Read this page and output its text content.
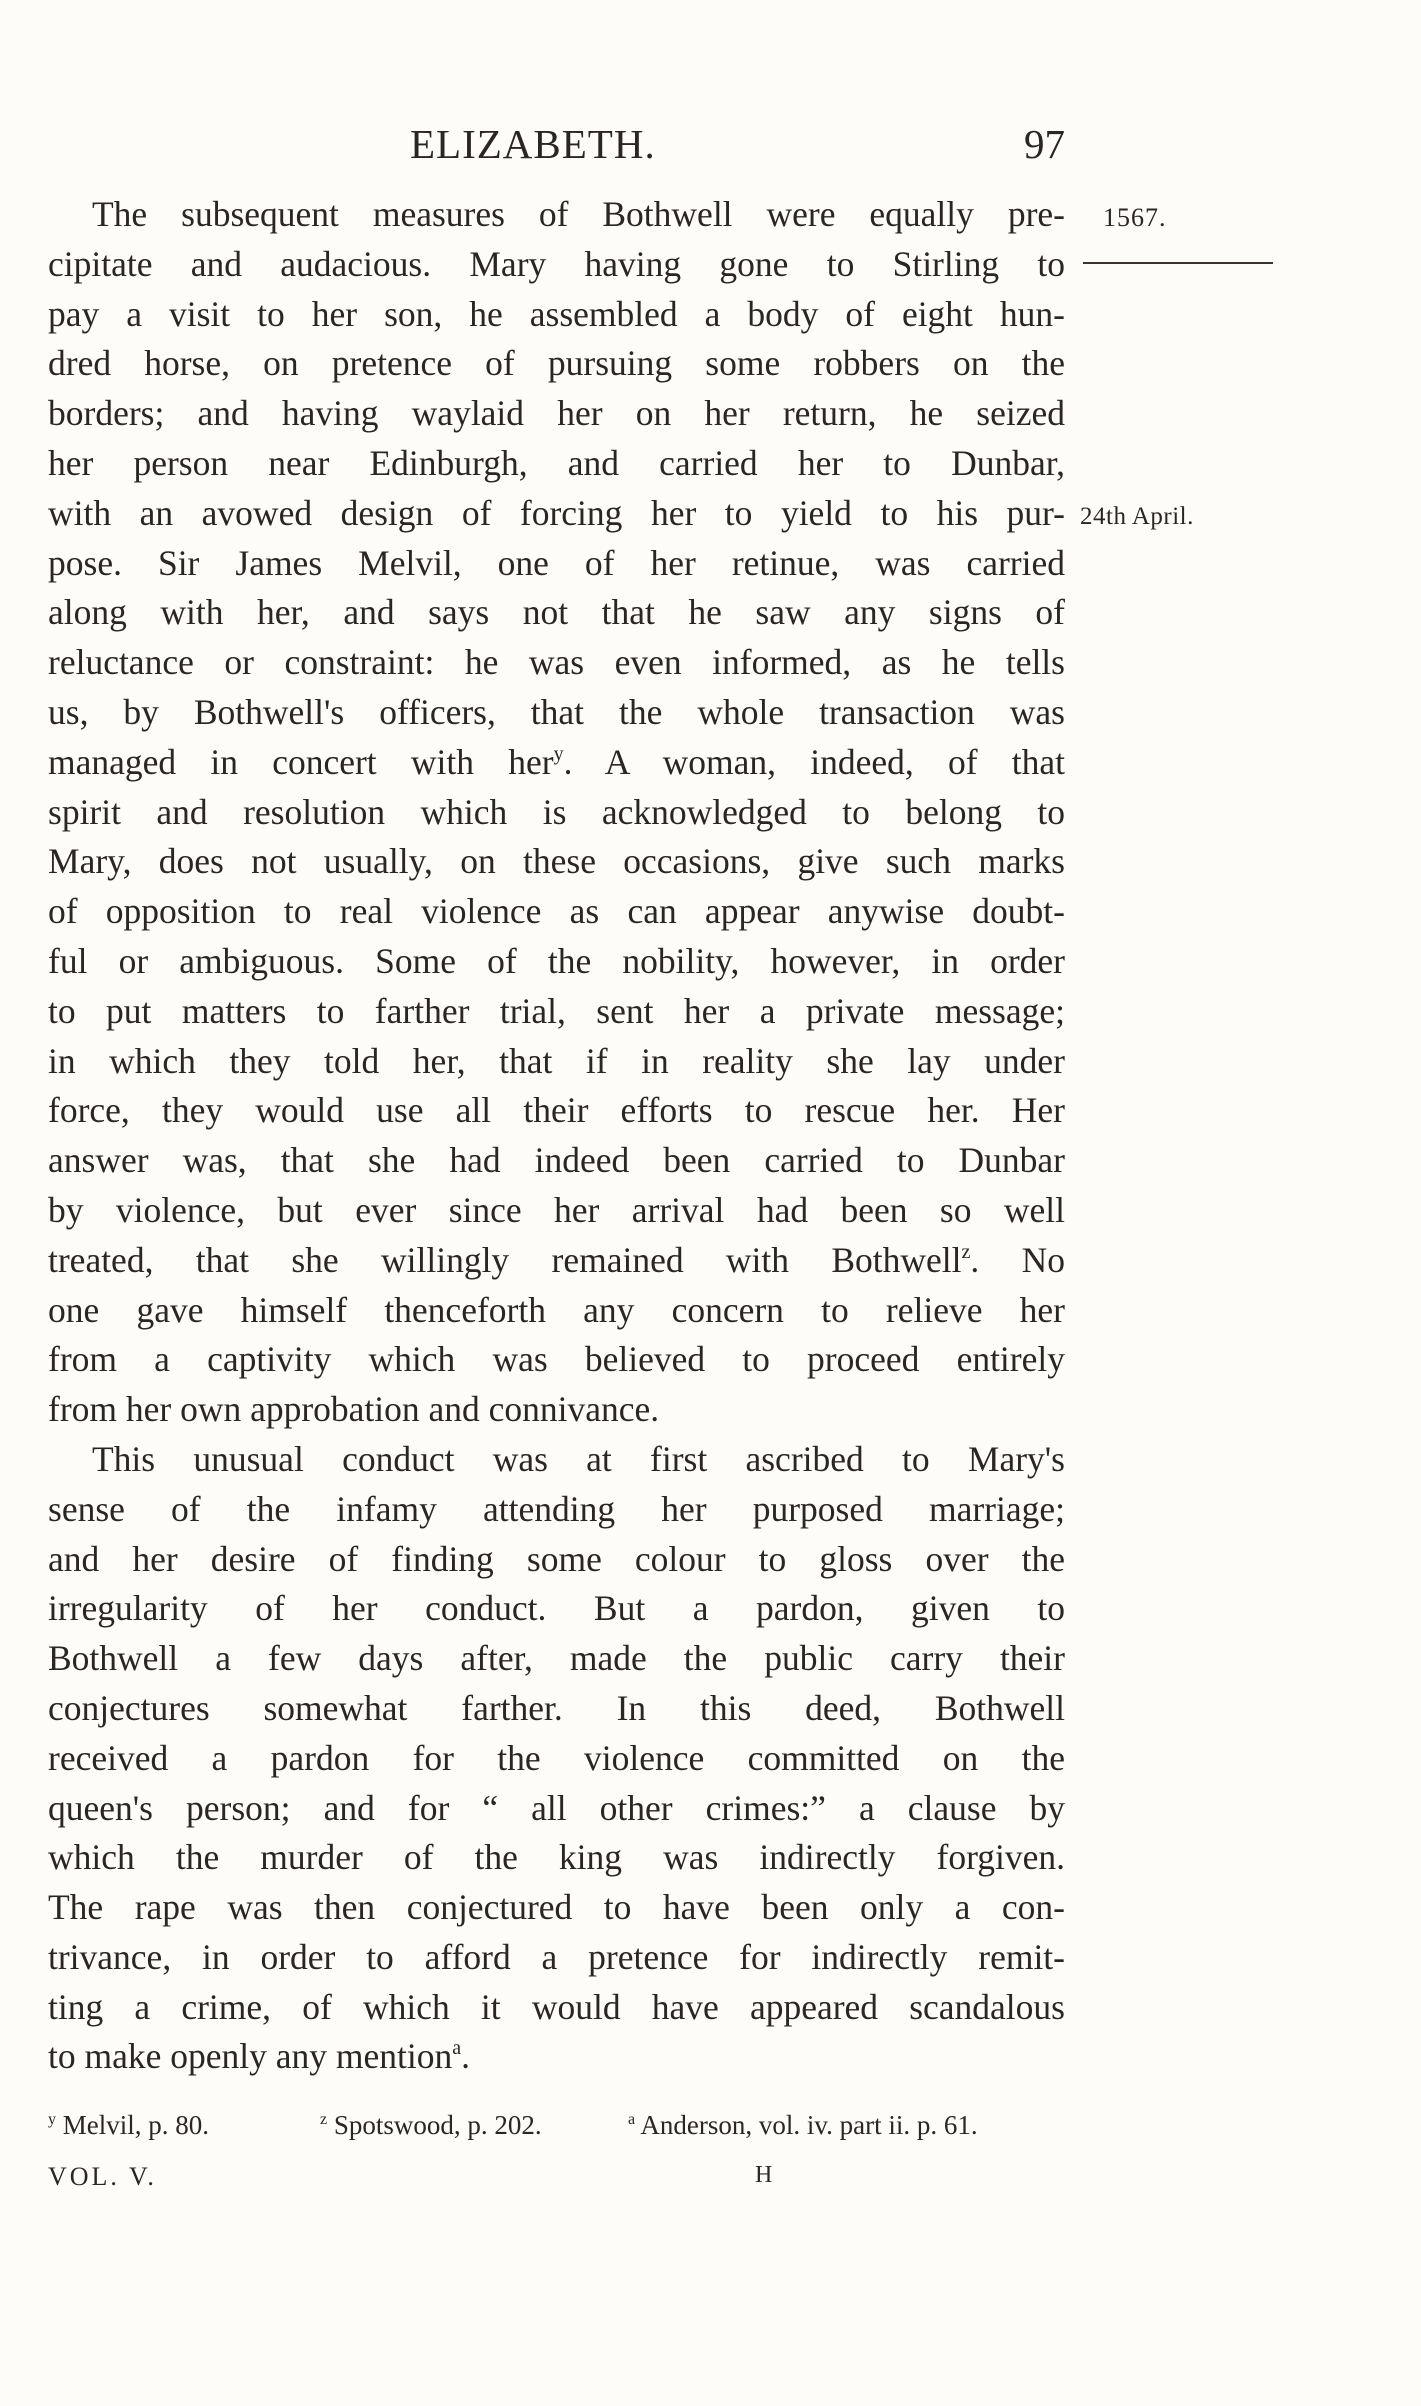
ELIZABETH.	97
1567.
24th April.
The subsequent measures of Bothwell were equally pre-
cipitate and audacious. Mary having gone to Stirling to
pay a visit to her son, he assembled a body of eight hun-
dred horse, on pretence of pursuing some robbers on the
borders; and having waylaid her on her return, he seized
her person near Edinburgh, and carried her to Dunbar,
with an avowed design of forcing her to yield to his pur-
pose. Sir James Melvil, one of her retinue, was carried
along with her, and says not that he saw any signs of
reluctance or constraint: he was even informed, as he tells
us, by Bothwell's officers, that the whole transaction was
managed in concert with her$^y$. A woman, indeed, of that
spirit and resolution which is acknowledged to belong to
Mary, does not usually, on these occasions, give such marks
of opposition to real violence as can appear anywise doubt-
ful or ambiguous. Some of the nobility, however, in order
to put matters to farther trial, sent her a private message;
in which they told her, that if in reality she lay under
force, they would use all their efforts to rescue her. Her
answer was, that she had indeed been carried to Dunbar
by violence, but ever since her arrival had been so well
treated, that she willingly remained with Bothwell$^z$. No
one gave himself thenceforth any concern to relieve her
from a captivity which was believed to proceed entirely
from her own approbation and connivance.
This unusual conduct was at first ascribed to Mary's
sense of the infamy attending her purposed marriage;
and her desire of finding some colour to gloss over the
irregularity of her conduct. But a pardon, given to
Bothwell a few days after, made the public carry their
conjectures somewhat farther. In this deed, Bothwell
received a pardon for the violence committed on the
queen's person; and for “ all other crimes:” a clause by
which the murder of the king was indirectly forgiven.
The rape was then conjectured to have been only a con-
trivance, in order to afford a pretence for indirectly remit-
ting a crime, of which it would have appeared scandalous
to make openly any mention$^a$.
$^y$ Melvil, p. 80.	$^z$ Spotswood, p. 202.	$^a$ Anderson, vol. iv. part ii. p. 61.
VOL. V.	H
